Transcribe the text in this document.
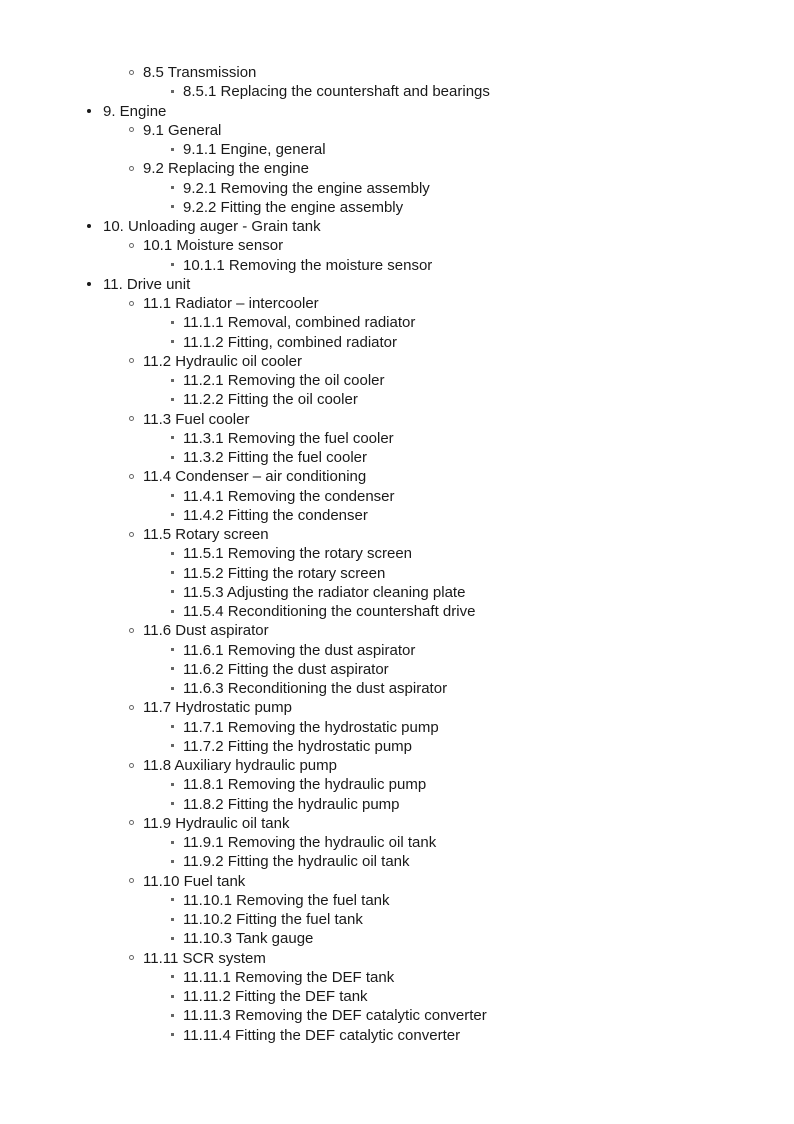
8.5 Transmission
8.5.1 Replacing the countershaft and bearings
9. Engine
9.1 General
9.1.1 Engine, general
9.2 Replacing the engine
9.2.1 Removing the engine assembly
9.2.2 Fitting the engine assembly
10. Unloading auger - Grain tank
10.1 Moisture sensor
10.1.1 Removing the moisture sensor
11. Drive unit
11.1 Radiator – intercooler
11.1.1 Removal, combined radiator
11.1.2 Fitting, combined radiator
11.2 Hydraulic oil cooler
11.2.1 Removing the oil cooler
11.2.2 Fitting the oil cooler
11.3 Fuel cooler
11.3.1 Removing the fuel cooler
11.3.2 Fitting the fuel cooler
11.4 Condenser – air conditioning
11.4.1 Removing the condenser
11.4.2 Fitting the condenser
11.5 Rotary screen
11.5.1 Removing the rotary screen
11.5.2 Fitting the rotary screen
11.5.3 Adjusting the radiator cleaning plate
11.5.4 Reconditioning the countershaft drive
11.6 Dust aspirator
11.6.1 Removing the dust aspirator
11.6.2 Fitting the dust aspirator
11.6.3 Reconditioning the dust aspirator
11.7 Hydrostatic pump
11.7.1 Removing the hydrostatic pump
11.7.2 Fitting the hydrostatic pump
11.8 Auxiliary hydraulic pump
11.8.1 Removing the hydraulic pump
11.8.2 Fitting the hydraulic pump
11.9 Hydraulic oil tank
11.9.1 Removing the hydraulic oil tank
11.9.2 Fitting the hydraulic oil tank
11.10 Fuel tank
11.10.1 Removing the fuel tank
11.10.2 Fitting the fuel tank
11.10.3 Tank gauge
11.11 SCR system
11.11.1 Removing the DEF tank
11.11.2 Fitting the DEF tank
11.11.3 Removing the DEF catalytic converter
11.11.4 Fitting the DEF catalytic converter
